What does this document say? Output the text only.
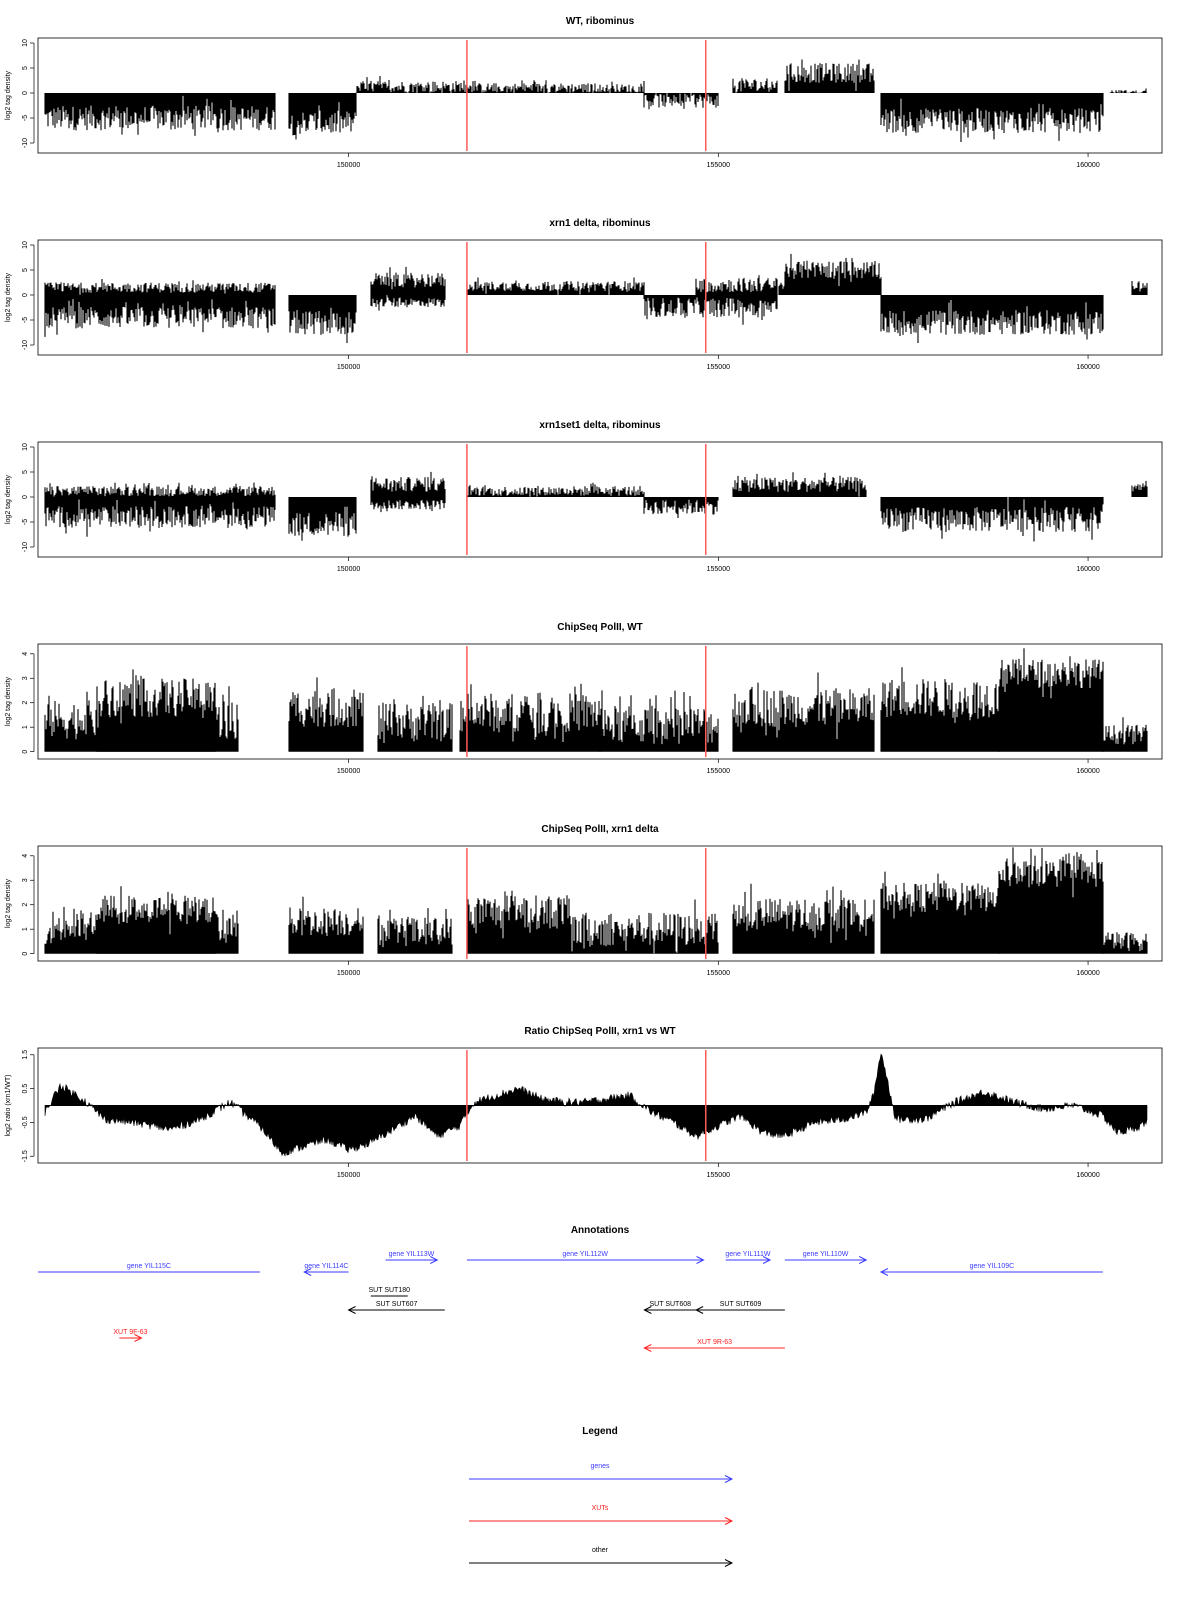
WT, ribominus
-10
-5
0
5
10
log2 tag density
150000	155000	160000
xrn1 delta, ribominus
-10
-5
0
5
10
log2 tag density
150000	155000	160000
xrn1set1 delta, ribominus
-10
-5
0
5
10
log2 tag density
150000	155000	160000
ChipSeq PolII, WT
0
1
2
3
4
log2 tag density
150000	155000	160000
ChipSeq PolII, xrn1 delta
0
1
2
3
4
log2 tag density
150000	155000	160000
Ratio ChipSeq PolII, xrn1 vs WT
-1.5
-0.5
0.5
1.5
log2 ratio (xrn1/WT)
150000	155000	160000
Annotations
gene YIL115C	gene YIL114C
gene YIL113W	gene YIL112W	gene YIL111W	gene YIL110W
gene YIL109C
SUT SUT180
SUT SUT607	SUT SUT608	SUT SUT609
XUT 9F-63
XUT 9R-63
Legend
genes
XUTs
other
